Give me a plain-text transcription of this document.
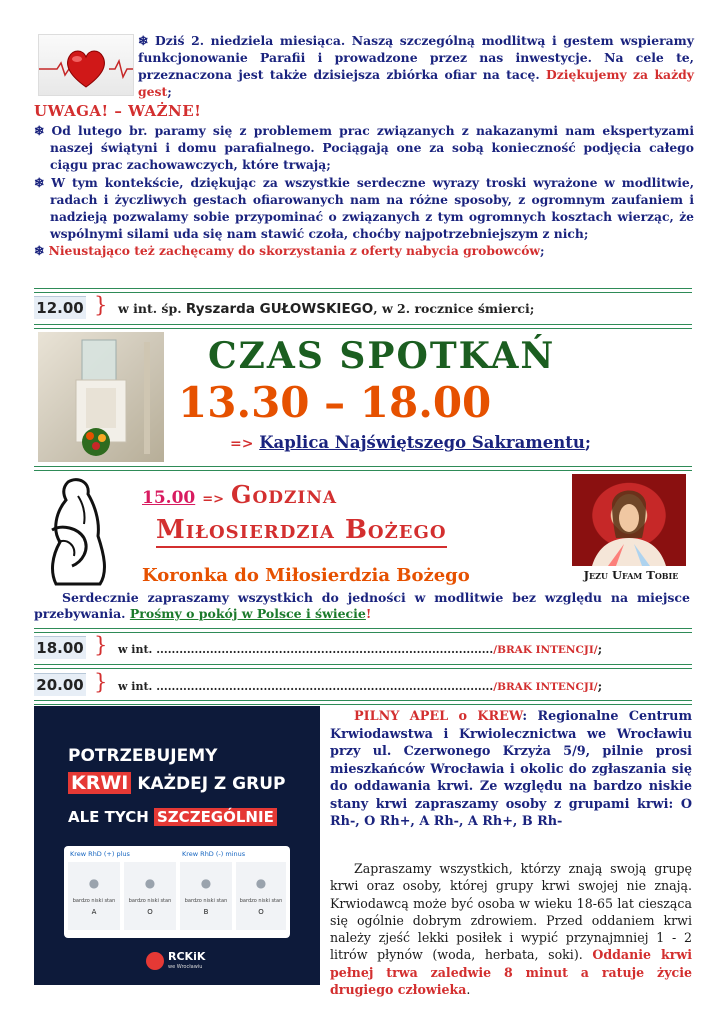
❄ Dziś 2. niedziela miesiąca. Naszą szczególną modlitwą i gestem wspieramy funkcjonowanie Parafii i prowadzone przez nas inwestycje. Na cele te, przeznaczona jest także dzisiejsza zbiórka ofiar na tacę. Dziękujemy za każdy gest;
UWAGA! – WAŻNE!

❄ Od lutego br. paramy się z problemem prac związanych z nakazanymi nam ekspertyzami naszej świątyni i domu parafialnego. Pociągają one za sobą konieczność podjęcia całego ciągu prac zachowawczych, które trwają;

❄ W tym kontekście, dziękując za wszystkie serdeczne wyrazy troski wyrażone w modlitwie, radach i życzliwych gestach ofiarowanych nam na różne sposoby, z ogromnym zaufaniem i nadzieją pozwalamy sobie przypominać o związanych z tym ogromnych kosztach wierząc, że wspólnymi silami uda się nam stawić czoła, choćby najpotrzebniejszym z nich;

❄ Nieustająco też zachęcamy do skorzystania z oferty nabycia grobowców;

12.00 } w int. śp. Ryszarda GUŁOWSKIEGO, w 2. rocznice śmierci;
CZAS SPOTKAŃ
13.30 – 18.00
=> Kaplica Najświętszego Sakramentu;
15.00 => Godzina
Miłosierdzia Bożego
Jezu Ufam Tobie
Koronka do Miłosierdzia Bożego
Serdecznie zapraszamy wszystkich do jedności w modlitwie bez względu na miejsce przebywania. Prośmy o pokój w Polsce i świecie!
18.00 } w int. ......................................................................................../BRAK INTENCJI/;
20.00 } w int. ......................................................................................../BRAK INTENCJI/;
POTRZEBUJEMY
KRWI KAŻDEJ Z GRUP
ALE TYCH SZCZEGÓLNIE
Krew RhD (+) plus	Krew RhD (-) minus
●
bardzo niski stan
A
●
bardzo niski stan
O
●
bardzo niski stan
B
●
bardzo niski stan
O
RCKiK
we Wrocławiu
PILNY APEL o KREW: Regionalne Centrum Krwiodawstwa i Krwiolecznictwa we Wrocławiu przy ul. Czerwonego Krzyża 5/9, pilnie prosi mieszkańców Wrocławia i okolic do zgłaszania się do oddawania krwi. Ze względu na bardzo niskie stany krwi zapraszamy osoby z grupami krwi: O Rh-, O Rh+, A Rh-, A Rh+, B Rh-
Zapraszamy wszystkich, którzy znają swoją grupę krwi oraz osoby, której grupy krwi swojej nie znają. Krwiodawcą może być osoba w wieku 18-65 lat ciesząca się ogólnie dobrym zdrowiem. Przed oddaniem krwi należy zjeść lekki posiłek i wypić przynajmniej 1 - 2 litrów płynów (woda, herbata, soki). Oddanie krwi pełnej trwa zaledwie 8 minut a ratuje życie drugiego człowieka.
